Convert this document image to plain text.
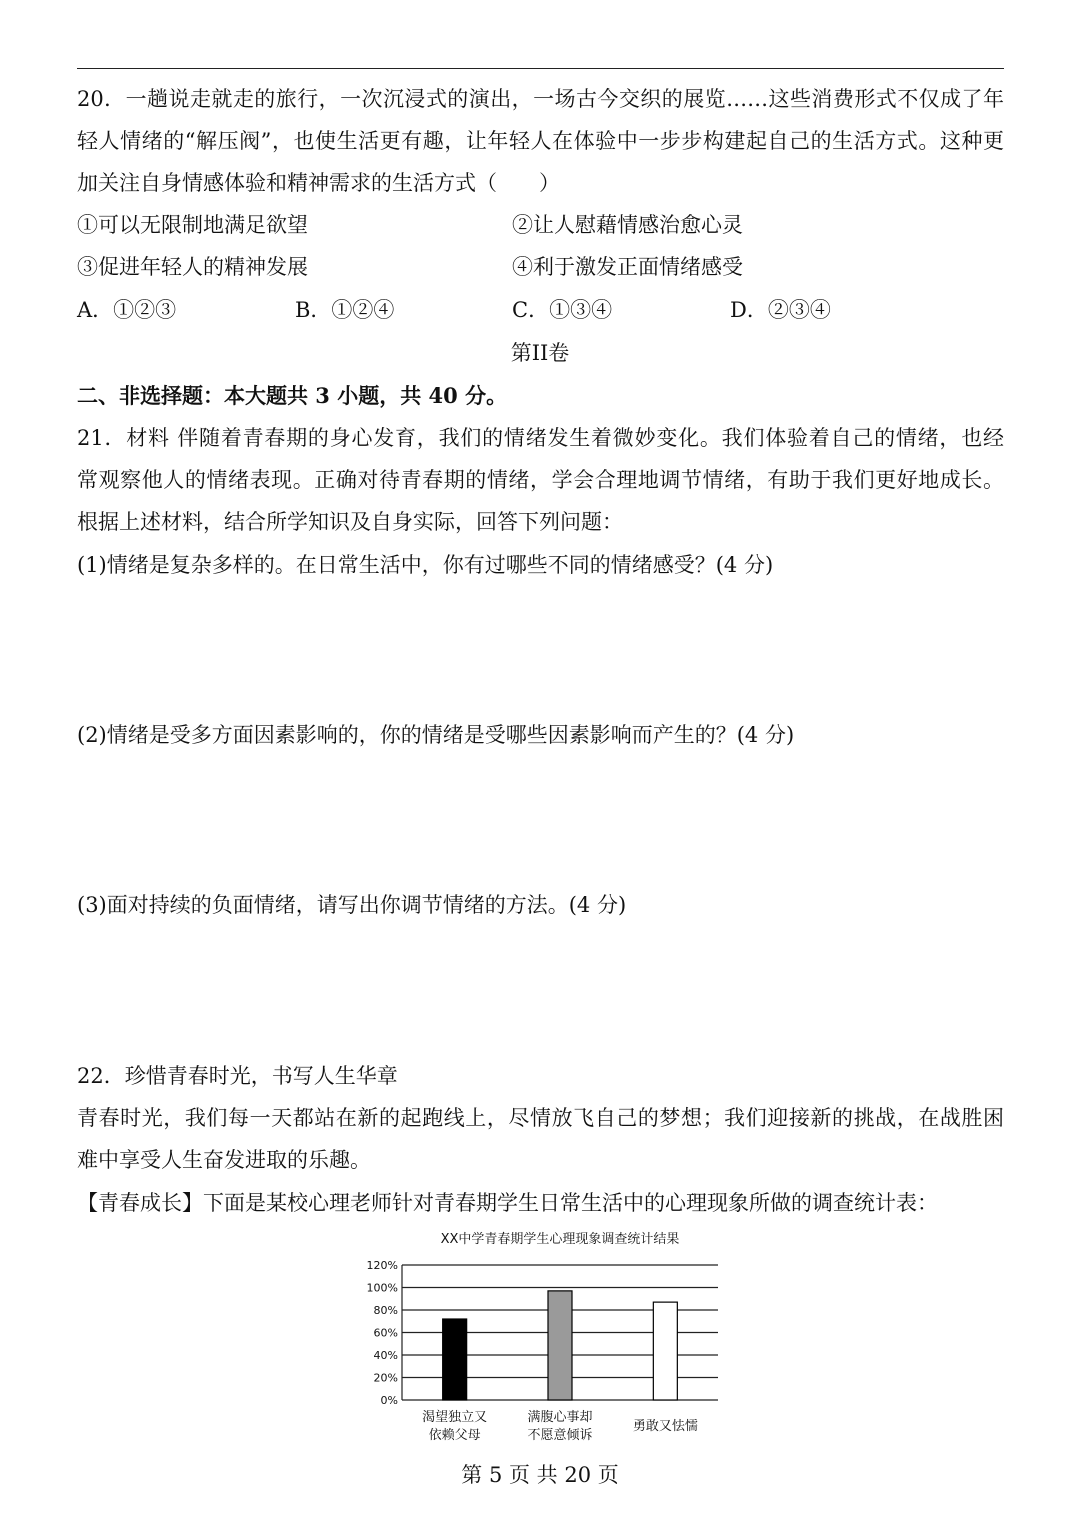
20．一趟说走就走的旅行，一次沉浸式的演出，一场古今交织的展览……这些消费形式不仅成了年
轻人情绪的“解压阀”，也使生活更有趣，让年轻人在体验中一步步构建起自己的生活方式。这种更
加关注自身情感体验和精神需求的生活方式（　　）
①可以无限制地满足欲望	②让人慰藉情感治愈心灵
③促进年轻人的精神发展	④利于激发正面情绪感受
A．①②③	B．①②④	C．①③④	D．②③④
第II卷
二、非选择题：本大题共 3 小题，共 40 分。
21．材料 伴随着青春期的身心发育，我们的情绪发生着微妙变化。我们体验着自己的情绪，也经
常观察他人的情绪表现。正确对待青春期的情绪，学会合理地调节情绪，有助于我们更好地成长。
根据上述材料，结合所学知识及自身实际，回答下列问题：
(1)情绪是复杂多样的。在日常生活中，你有过哪些不同的情绪感受？(4 分)
(2)情绪是受多方面因素影响的，你的情绪是受哪些因素影响而产生的？(4 分)
(3)面对持续的负面情绪，请写出你调节情绪的方法。(4 分)
22．珍惜青春时光，书写人生华章
青春时光，我们每一天都站在新的起跑线上，尽情放飞自己的梦想；我们迎接新的挑战，在战胜困
难中享受人生奋发进取的乐趣。
【青春成长】下面是某校心理老师针对青春期学生日常生活中的心理现象所做的调查统计表：
XX中学青春期学生心理现象调查统计结果
0%
20%
40%
60%
80%
100%
120%
渴望独立又
依赖父母
满腹心事却
不愿意倾诉
勇敢又怯懦
第 5 页 共 20 页
